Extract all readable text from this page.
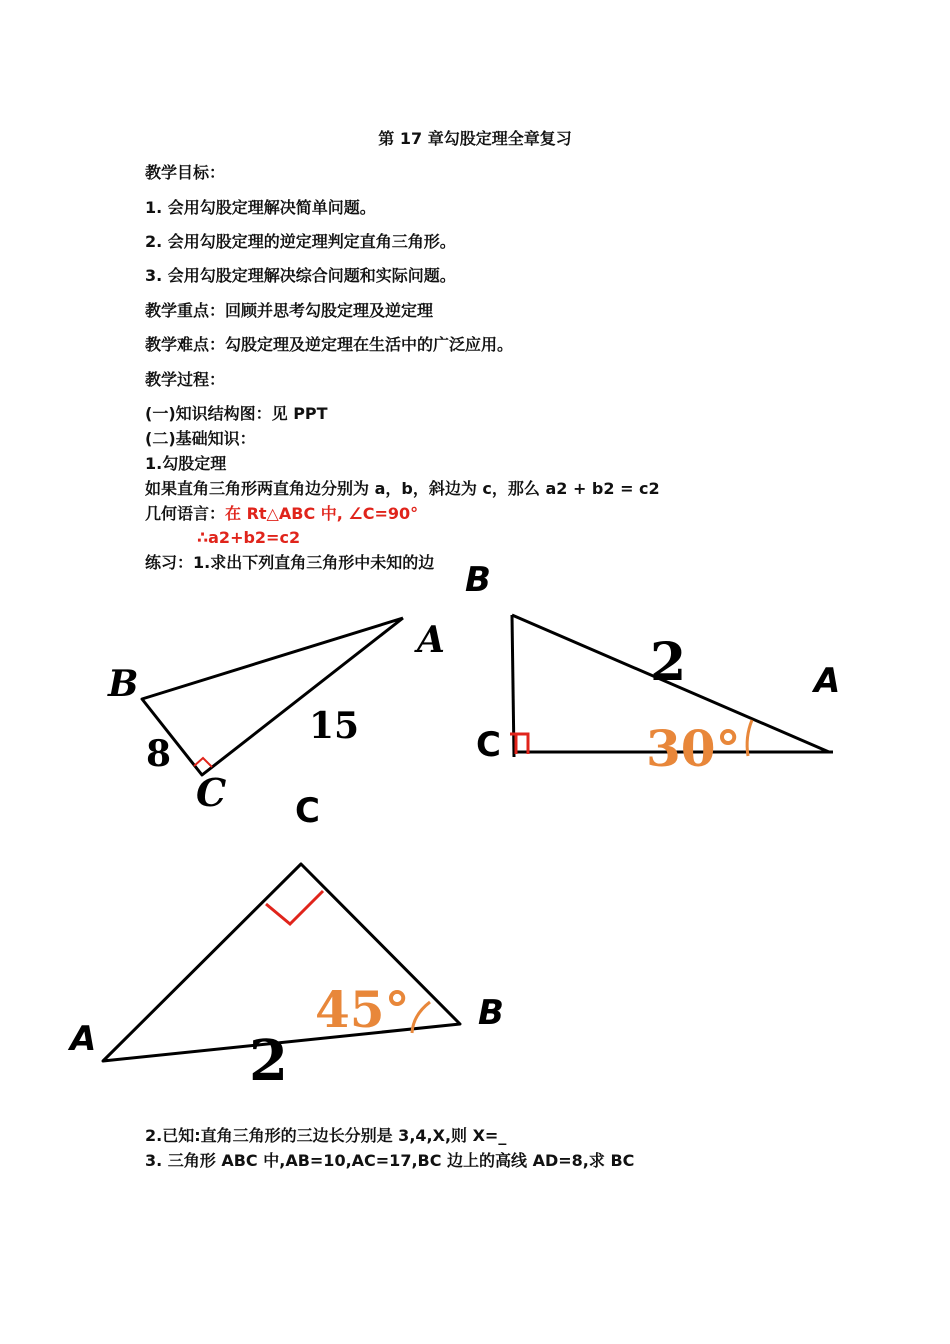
第 17 章勾股定理全章复习
教学目标：
1. 会用勾股定理解决简单问题。
2. 会用勾股定理的逆定理判定直角三角形。
3. 会用勾股定理解决综合问题和实际问题。
教学重点：回顾并思考勾股定理及逆定理
教学难点：勾股定理及逆定理在生活中的广泛应用。
教学过程：
(一)知识结构图：见 PPT
(二)基础知识：
1.勾股定理
如果直角三角形两直角边分别为 a，b，斜边为 c，那么 a2 + b2 = c2
几何语言：在 Rt△ABC 中, ∠C=90°
∴a2+b2=c2
练习：1.求出下列直角三角形中未知的边
A
B
C
8
15
B
A
C
2
30°
C
A
B
2
45°
2.已知:直角三角形的三边长分别是 3,4,X,则 X=_
3. 三角形 ABC 中,AB=10,AC=17,BC 边上的高线 AD=8,求 BC
